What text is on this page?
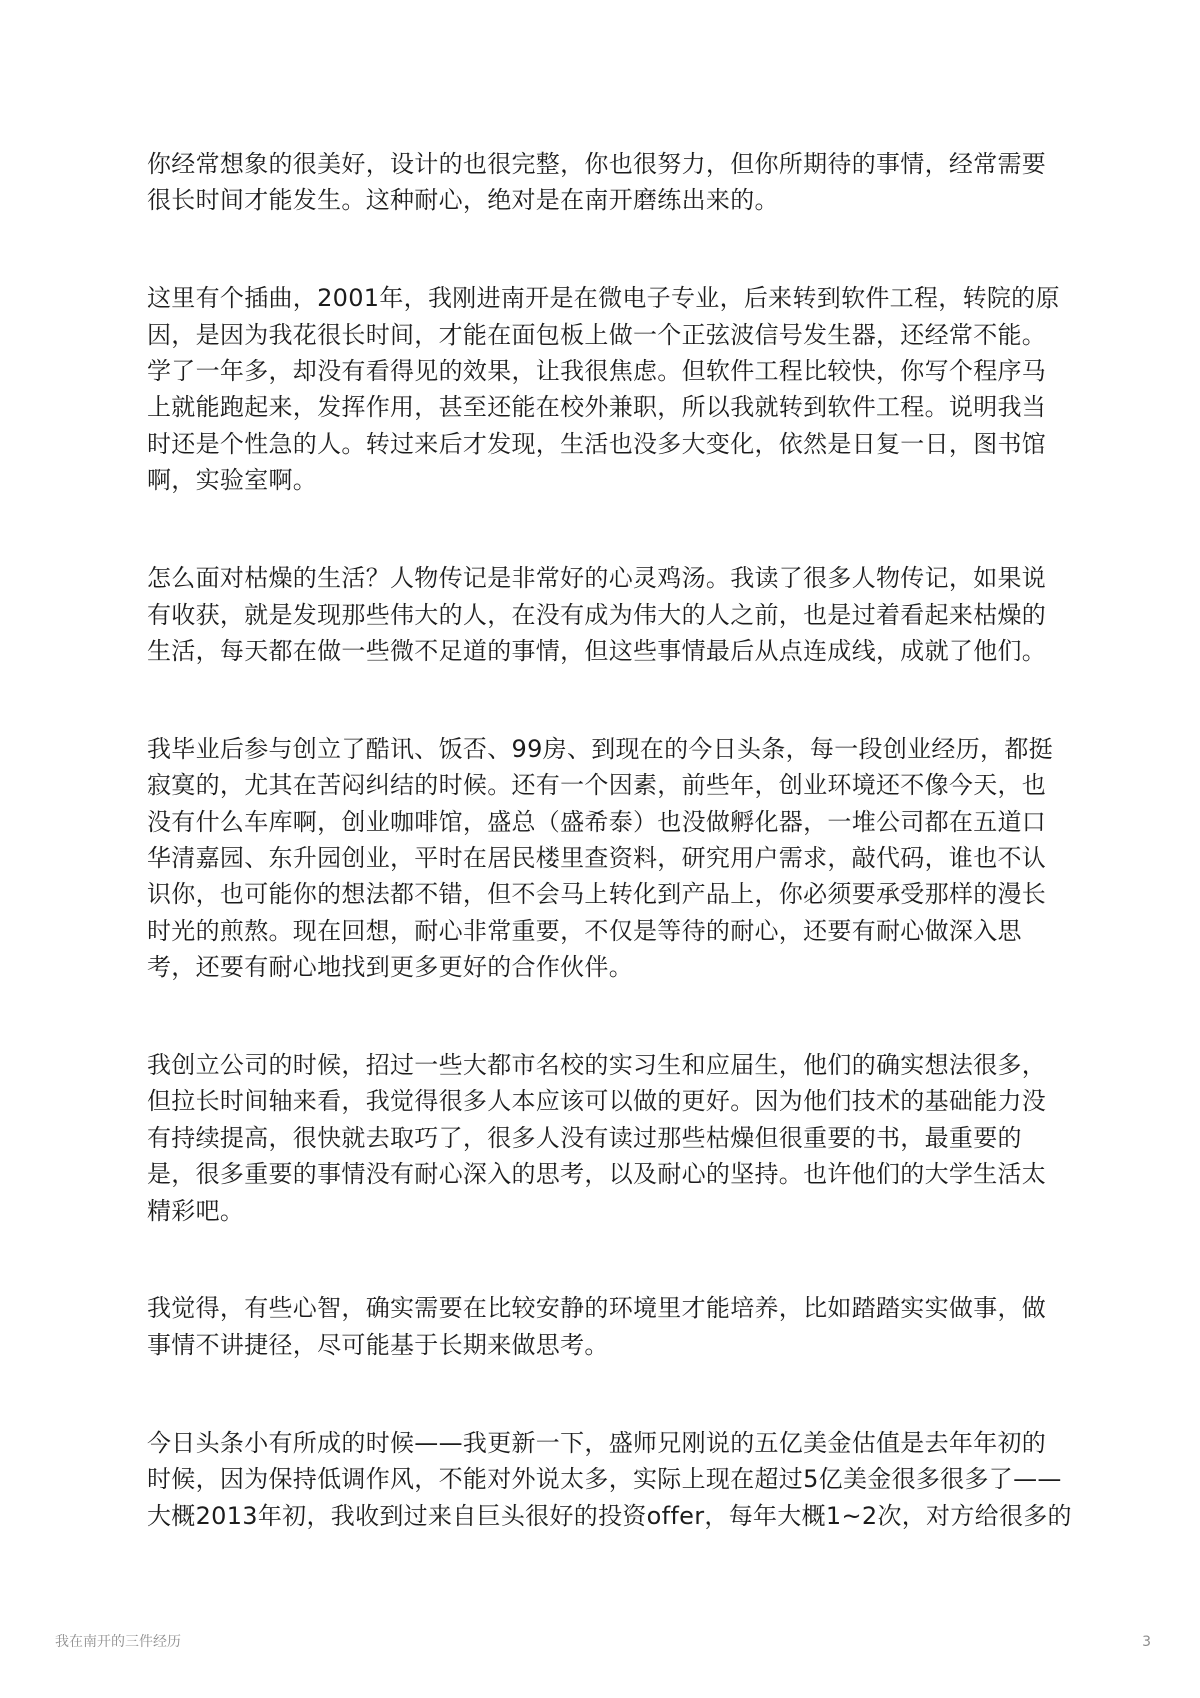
你经常想象的很美好，设计的也很完整，你也很努力，但你所期待的事情，经常需要
很长时间才能发生。这种耐心，绝对是在南开磨练出来的。

这里有个插曲，2001年，我刚进南开是在微电子专业，后来转到软件工程，转院的原
因，是因为我花很长时间，才能在面包板上做一个正弦波信号发生器，还经常不能。
学了一年多，却没有看得见的效果，让我很焦虑。但软件工程比较快，你写个程序马
上就能跑起来，发挥作用，甚至还能在校外兼职，所以我就转到软件工程。说明我当
时还是个性急的人。转过来后才发现，生活也没多大变化，依然是日复一日，图书馆
啊，实验室啊。

怎么面对枯燥的生活？人物传记是非常好的心灵鸡汤。我读了很多人物传记，如果说
有收获，就是发现那些伟大的人，在没有成为伟大的人之前，也是过着看起来枯燥的
生活，每天都在做一些微不足道的事情，但这些事情最后从点连成线，成就了他们。

我毕业后参与创立了酷讯、饭否、99房、到现在的今日头条，每一段创业经历，都挺
寂寞的，尤其在苦闷纠结的时候。还有一个因素，前些年，创业环境还不像今天，也
没有什么车库啊，创业咖啡馆，盛总（盛希泰）也没做孵化器，一堆公司都在五道口
华清嘉园、东升园创业，平时在居民楼里查资料，研究用户需求，敲代码，谁也不认
识你，也可能你的想法都不错，但不会马上转化到产品上，你必须要承受那样的漫长
时光的煎熬。现在回想，耐心非常重要，不仅是等待的耐心，还要有耐心做深入思
考，还要有耐心地找到更多更好的合作伙伴。

我创立公司的时候，招过一些大都市名校的实习生和应届生，他们的确实想法很多，
但拉长时间轴来看，我觉得很多人本应该可以做的更好。因为他们技术的基础能力没
有持续提高，很快就去取巧了，很多人没有读过那些枯燥但很重要的书，最重要的
是，很多重要的事情没有耐心深入的思考，以及耐心的坚持。也许他们的大学生活太
精彩吧。

我觉得，有些心智，确实需要在比较安静的环境里才能培养，比如踏踏实实做事，做
事情不讲捷径，尽可能基于长期来做思考。

今日头条小有所成的时候——我更新一下，盛师兄刚说的五亿美金估值是去年年初的
时候，因为保持低调作风，不能对外说太多，实际上现在超过5亿美金很多很多了——
大概2013年初，我收到过来自巨头很好的投资offer，每年大概1~2次，对方给很多的

我在南开的三件经历	3
